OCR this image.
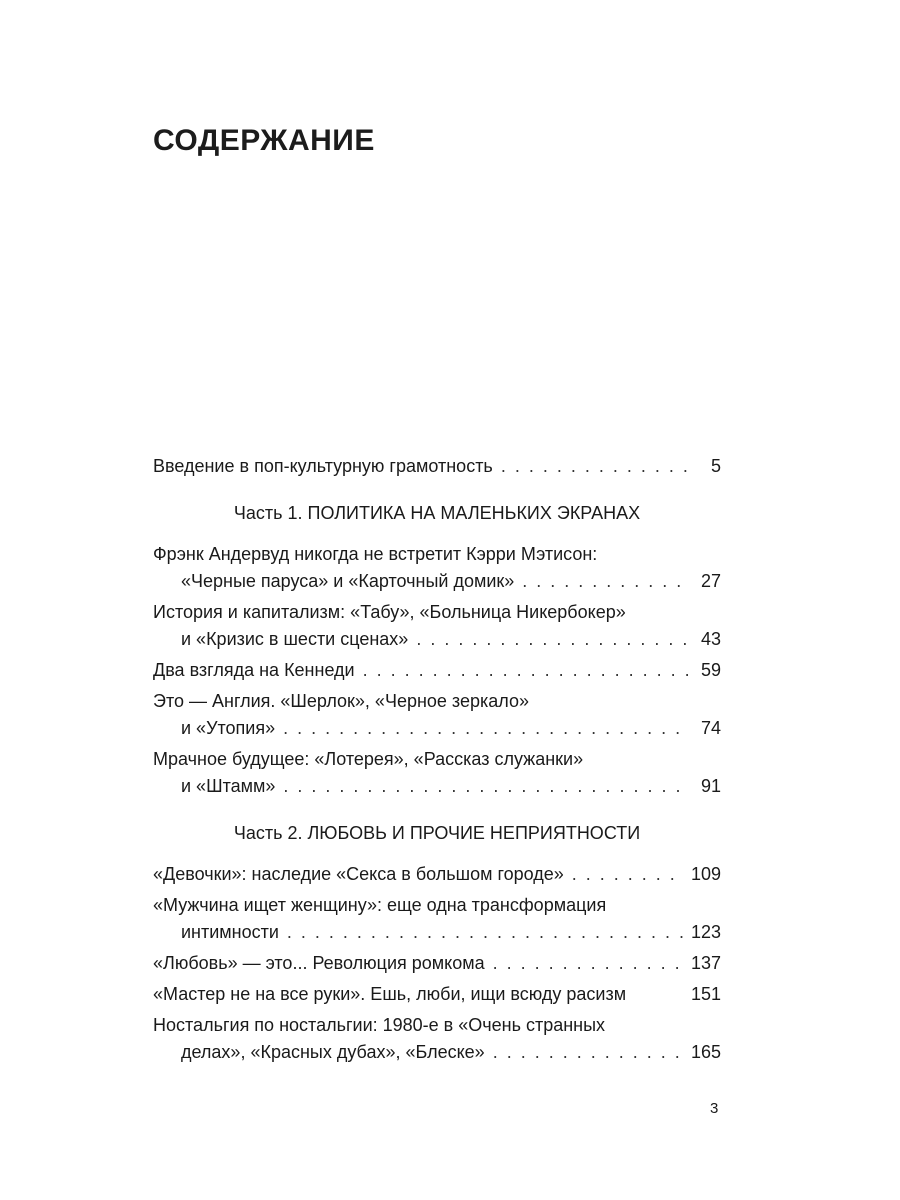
СОДЕРЖАНИЕ
Введение в поп-культурную грамотность . . .	5
Часть 1. ПОЛИТИКА НА МАЛЕНЬКИХ ЭКРАНАХ
Фрэнк Андервуд никогда не встретит Кэрри Мэтисон:
«Черные паруса» и «Карточный домик» . . .	27
История и капитализм: «Табу», «Больница Никербокер»
и «Кризис в шести сценах» . . .	43
Два взгляда на Кеннеди . . .	59
Это — Англия. «Шерлок», «Черное зеркало»
и «Утопия» . . .	74
Мрачное будущее: «Лотерея», «Рассказ служанки»
и «Штамм» . . .	91
Часть 2. ЛЮБОВЬ И ПРОЧИЕ НЕПРИЯТНОСТИ
«Девочки»: наследие «Секса в большом городе» . . .	109
«Мужчина ищет женщину»: еще одна трансформация
интимности . . .	123
«Любовь» — это... Революция ромкома . . .	137
«Мастер не на все руки». Ешь, люби, ищи всюду расизм	151
Ностальгия по ностальгии: 1980-е в «Очень странных
делах», «Красных дубах», «Блеске» . . .	165
3
